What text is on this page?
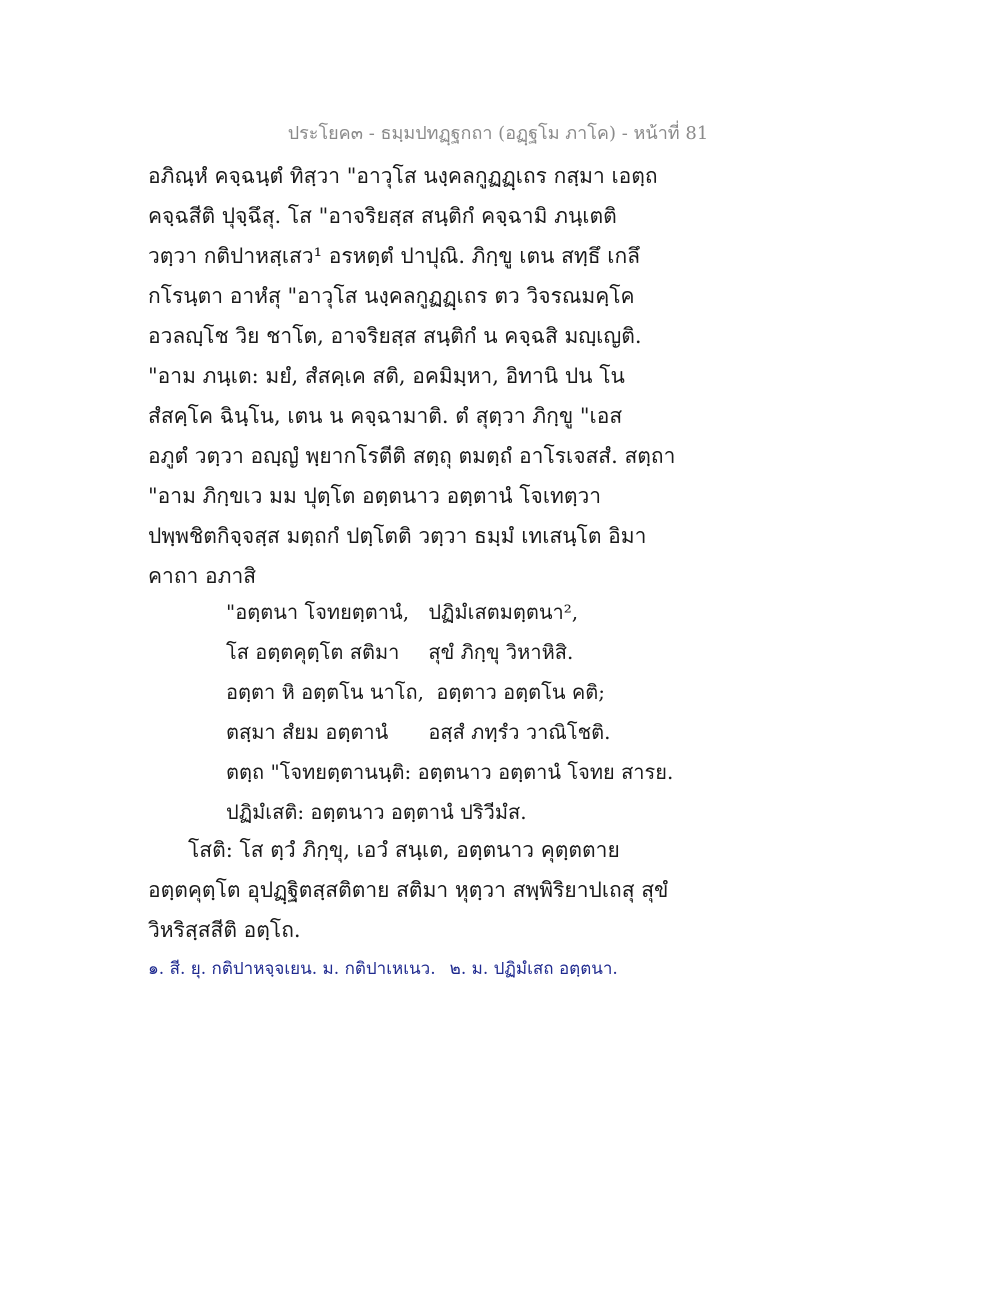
ประโยค๓ - ธมฺมปทฏฺฐกถา (อฏฺฐโม ภาโค) - หน้าที่ 81
อภิณฺหํ คจฺฉนฺตํ ทิสฺวา "อาวุโส นงฺคลกูฏฏฺเถร กสฺมา เอตฺถ
คจฺฉสีติ ปุจฺฉึสุ. โส "อาจริยสฺส สนฺติกํ คจฺฉามิ ภนฺเตติ
วตฺวา กติปาหสฺเสว¹ อรหตฺตํ ปาปุณิ. ภิกฺขู เตน สทฺธึ เกลึ
กโรนฺตา อาหํสุ "อาวุโส นงฺคลกูฏฏฺเถร ตว วิจรณมคฺโค
อวลญฺโช วิย ชาโต, อาจริยสฺส สนฺติกํ น คจฺฉสิ มญฺเญติ.
"อาม ภนฺเต: มยํ, สํสคฺเค สติ, อคมิมฺหา, อิทานิ ปน โน
สํสคฺโค ฉินฺโน, เตน น คจฺฉามาติ. ตํ สุตฺวา ภิกฺขู "เอส
อภูตํ วตฺวา อญฺญํ พฺยากโรตีติ สตฺถุ ตมตฺถํ อาโรเจสสํ. สตฺถา
"อาม ภิกฺขเว มม ปุตฺโต อตฺตนาว อตฺตานํ โจเทตฺวา
ปพฺพชิตกิจฺจสฺส มตฺถกํ ปตฺโตติ วตฺวา ธมฺมํ เทเสนฺโต อิมา
คาถา อภาสิ
"อตฺตนา โจทยตฺตานํ, ปฏิมํเสตมตฺตนา²,
โส อตฺตคุตฺโต สติมา สุขํ ภิกฺขุ วิหาหิสิ.
อตฺตา หิ อตฺตโน นาโถ, อตฺตาว อตฺตโน คติ;
ตสฺมา สํยม อตฺตานํ อสฺสํ ภทฺรํว วาณิโชติ.
ตตฺถ "โจทยตฺตานนฺติ: อตฺตนาว อตฺตานํ โจทย สารย.
ปฏิมํเสติ: อตฺตนาว อตฺตานํ ปริวีมํส.
โสติ: โส ตฺวํ ภิกฺขุ, เอวํ สนฺเต, อตฺตนาว คุตฺตตาย
อตฺตคุตฺโต อุปฏฺฐิตสฺสติตาย สติมา หุตฺวา สพฺพิริยาปเถสุ สุขํ
วิหริสฺสสีติ อตฺโถ.
๑. สี. ยุ. กติปาหจฺจเยน. ม. กติปาเหเนว. ๒. ม. ปฏิมํเสถ อตฺตนา.
